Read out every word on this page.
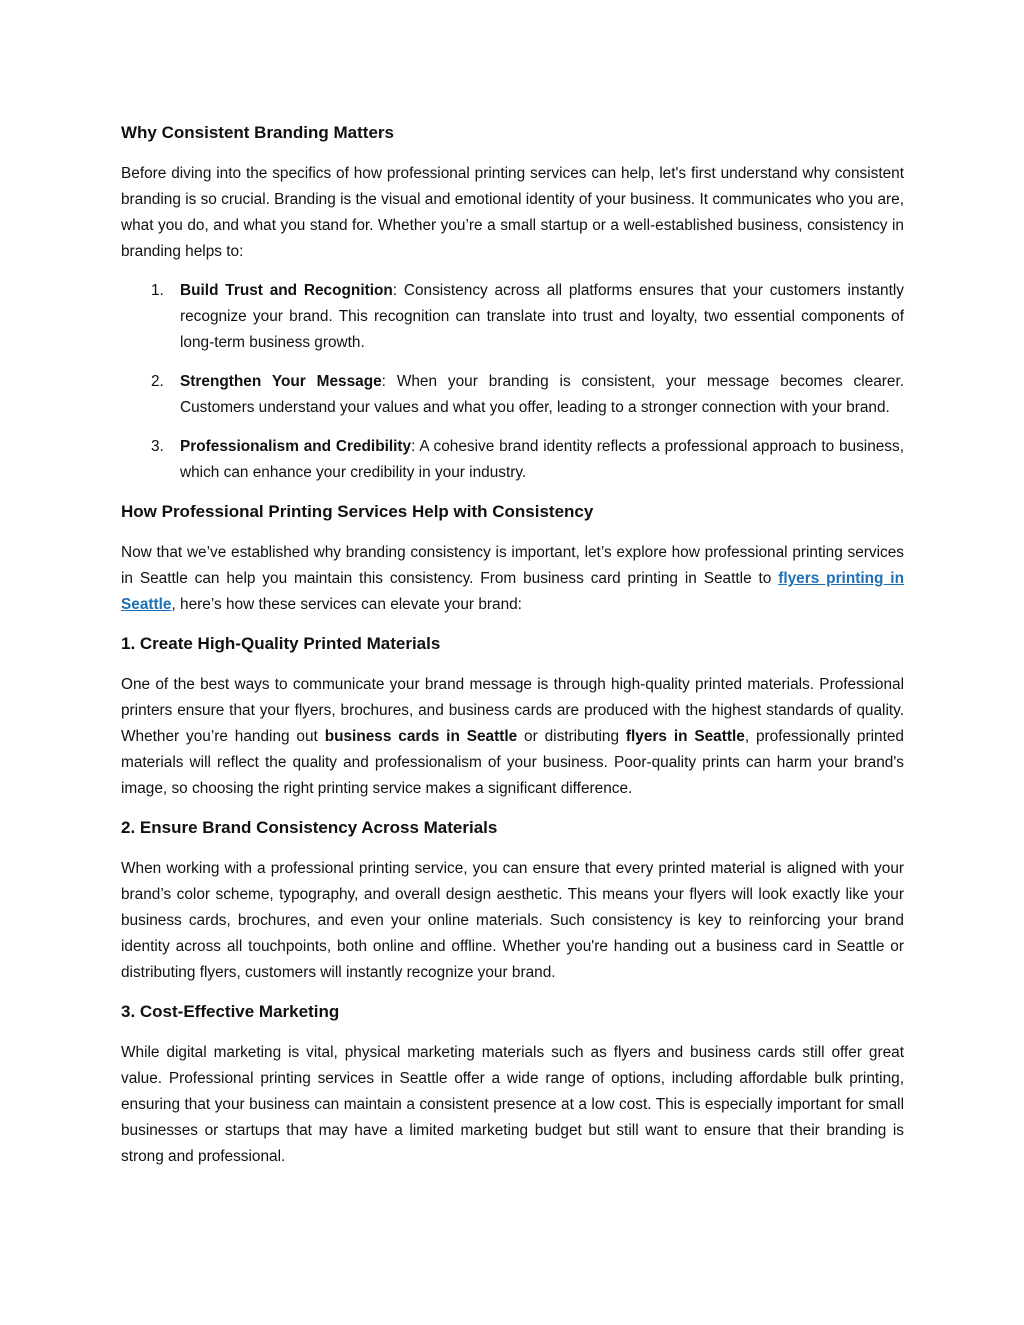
Why Consistent Branding Matters

Before diving into the specifics of how professional printing services can help, let's first understand why consistent branding is so crucial. Branding is the visual and emotional identity of your business. It communicates who you are, what you do, and what you stand for. Whether you’re a small startup or a well-established business, consistency in branding helps to:

1. Build Trust and Recognition: Consistency across all platforms ensures that your customers instantly recognize your brand. This recognition can translate into trust and loyalty, two essential components of long-term business growth.
2. Strengthen Your Message: When your branding is consistent, your message becomes clearer. Customers understand your values and what you offer, leading to a stronger connection with your brand.
3. Professionalism and Credibility: A cohesive brand identity reflects a professional approach to business, which can enhance your credibility in your industry.
How Professional Printing Services Help with Consistency

Now that we’ve established why branding consistency is important, let’s explore how professional printing services in Seattle can help you maintain this consistency. From business card printing in Seattle to flyers printing in Seattle, here’s how these services can elevate your brand:

1. Create High-Quality Printed Materials

One of the best ways to communicate your brand message is through high-quality printed materials. Professional printers ensure that your flyers, brochures, and business cards are produced with the highest standards of quality. Whether you’re handing out business cards in Seattle or distributing flyers in Seattle, professionally printed materials will reflect the quality and professionalism of your business. Poor-quality prints can harm your brand's image, so choosing the right printing service makes a significant difference.

2. Ensure Brand Consistency Across Materials

When working with a professional printing service, you can ensure that every printed material is aligned with your brand’s color scheme, typography, and overall design aesthetic. This means your flyers will look exactly like your business cards, brochures, and even your online materials. Such consistency is key to reinforcing your brand identity across all touchpoints, both online and offline. Whether you're handing out a business card in Seattle or distributing flyers, customers will instantly recognize your brand.

3. Cost-Effective Marketing

While digital marketing is vital, physical marketing materials such as flyers and business cards still offer great value. Professional printing services in Seattle offer a wide range of options, including affordable bulk printing, ensuring that your business can maintain a consistent presence at a low cost. This is especially important for small businesses or startups that may have a limited marketing budget but still want to ensure that their branding is strong and professional.
